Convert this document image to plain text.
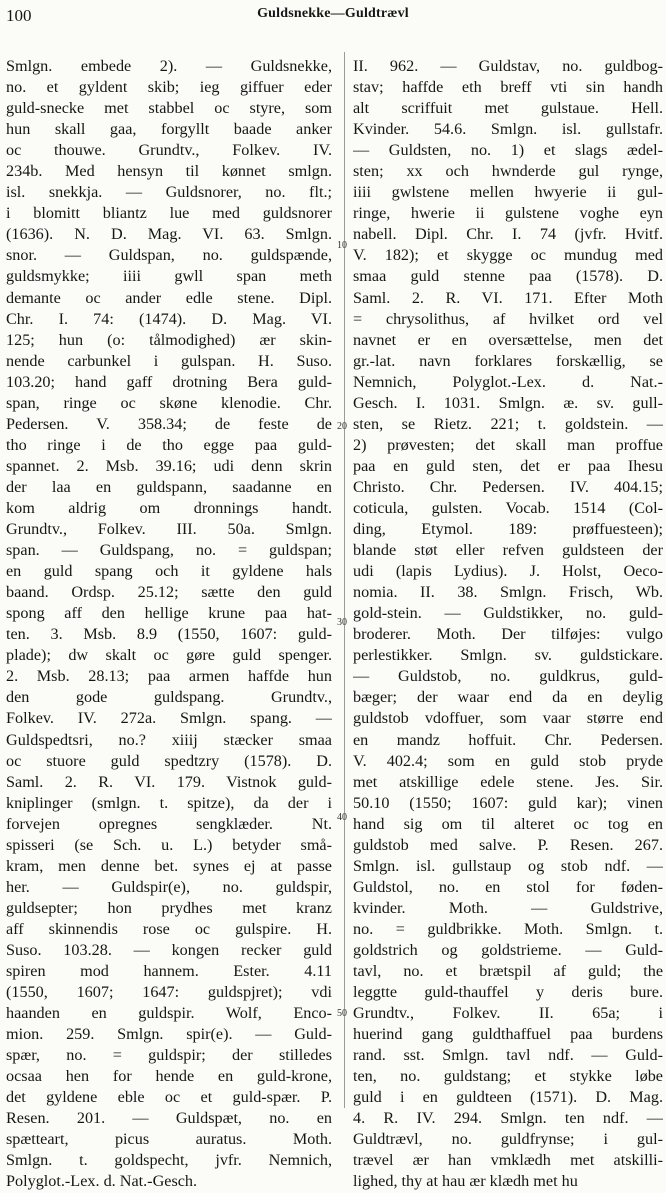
100	Guldsnekke—Guldtrævl
Smlgn. embede 2). — Guldsnekke,
no. et gyldent skib; ieg giffuer eder
guld-snecke met stabbel oc styre, som
hun skall gaa, forgyllt baade anker
oc thouwe. Grundtv., Folkev. IV.
234b. Med hensyn til kønnet smlgn.
isl. snekkja. — Guldsnorer, no. flt.;
i blomitt bliantz lue med guldsnorer
(1636). N. D. Mag. VI. 63. Smlgn.
snor. — Guldspan, no. guldspænde,
guldsmykke; iiii gwll span meth
demante oc ander edle stene. Dipl.
Chr. I. 74: (1474). D. Mag. VI.
125; hun (o: tålmodighed) ær skin-
nende carbunkel i gulspan. H. Suso.
103.20; hand gaff drotning Bera guld-
span, ringe oc skøne klenodie. Chr.
Pedersen. V. 358.34; de feste de
tho ringe i de tho egge paa guld-
spannet. 2. Msb. 39.16; udi denn skrin
der laa en guldspann, saadanne en
kom aldrig om dronnings handt.
Grundtv., Folkev. III. 50a. Smlgn.
span. — Guldspang, no. = guldspan;
en guld spang och it gyldene hals
baand. Ordsp. 25.12; sætte den guld
spong aff den hellige krune paa hat-
ten. 3. Msb. 8.9 (1550, 1607: guld-
plade); dw skalt oc gøre guld spenger.
2. Msb. 28.13; paa armen haffde hun
den gode guldspang. Grundtv.,
Folkev. IV. 272a. Smlgn. spang. —
Guldspedtsri, no.? xiiij stæcker smaa
oc stuore guld spedtzry (1578). D.
Saml. 2. R. VI. 179. Vistnok guld-
kniplinger (smlgn. t. spitze), da der i
forvejen opregnes sengklæder. Nt.
spisseri (se Sch. u. L.) betyder små-
kram, men denne bet. synes ej at passe
her. — Guldspir(e), no. guldspir,
guldsepter; hon prydhes met kranz
aff skinnendis rose oc gulspire. H.
Suso. 103.28. — kongen recker guld
spiren mod hannem. Ester. 4.11
(1550, 1607; 1647: guldspjret); vdi
haanden en guldspir. Wolf, Enco-
mion. 259. Smlgn. spir(e). — Guld-
spær, no. = guldspir; der stilledes
ocsaa hen for hende en guld-krone,
det gyldene eble oc et guld-spær. P.
Resen. 201. — Guldspæt, no. en
spætteart, picus auratus. Moth.
Smlgn. t. goldspecht, jvfr. Nemnich,
Polyglot.-Lex. d. Nat.-Gesch.
II. 962. — Guldstav, no. guldbog-
stav; haffde eth breff vti sin handh
alt scriffuit met gulstaue. Hell.
Kvinder. 54.6. Smlgn. isl. gullstafr.
— Guldsten, no. 1) et slags ædel-
sten; xx och hwnderde gul rynge,
iiii gwlstene mellen hwyerie ii gul-
ringe, hwerie ii gulstene voghe eyn
nabell. Dipl. Chr. I. 74 (jvfr. Hvitf.
V. 182); et skygge oc mundug med
smaa guld stenne paa (1578). D.
Saml. 2. R. VI. 171. Efter Moth
= chrysolithus, af hvilket ord vel
navnet er en oversættelse, men det
gr.-lat. navn forklares forskællig, se
Nemnich, Polyglot.-Lex. d. Nat.-
Gesch. I. 1031. Smlgn. æ. sv. gull-
sten, se Rietz. 221; t. goldstein. —
2) prøvesten; det skall man proffue
paa en guld sten, det er paa Ihesu
Christo. Chr. Pedersen. IV. 404.15;
coticula, gulsten. Vocab. 1514 (Col-
ding, Etymol. 189: prøffuesteen);
blande støt eller refven guldsteen der
udi (lapis Lydius). J. Holst, Oeco-
nomia. II. 38. Smlgn. Frisch, Wb.
gold-stein. — Guldstikker, no. guld-
broderer. Moth. Der tilføjes: vulgo
perlestikker. Smlgn. sv. guldstickare.
— Guldstob, no. guldkrus, guld-
bæger; der waar end da en deylig
guldstob vdoffuer, som vaar større end
en mandz hoffuit. Chr. Pedersen.
V. 402.4; som en guld stob pryde
met atskillige edele stene. Jes. Sir.
50.10 (1550; 1607: guld kar); vinen
hand sig om til alteret oc tog en
guldstob med salve. P. Resen. 267.
Smlgn. isl. gullstaup og stob ndf. —
Guldstol, no. en stol for føden-
kvinder. Moth. — Guldstrive,
no. = guldbrikke. Moth. Smlgn. t.
goldstrich og goldstrieme. — Guld-
tavl, no. et brætspil af guld; the
leggtte guld-thauffel y deris bure.
Grundtv., Folkev. II. 65a; i
huerind gang guldthaffuel paa burdens
rand. sst. Smlgn. tavl ndf. — Guld-
ten, no. guldstang; et stykke løbe
guld i en guldteen (1571). D. Mag.
4. R. IV. 294. Smlgn. ten ndf. —
Guldtrævl, no. guldfrynse; i gul-
trævel ær han vmklædh met atskilli-
lighed, thy at hau ær klædh met hu
10
20
30
40
50
